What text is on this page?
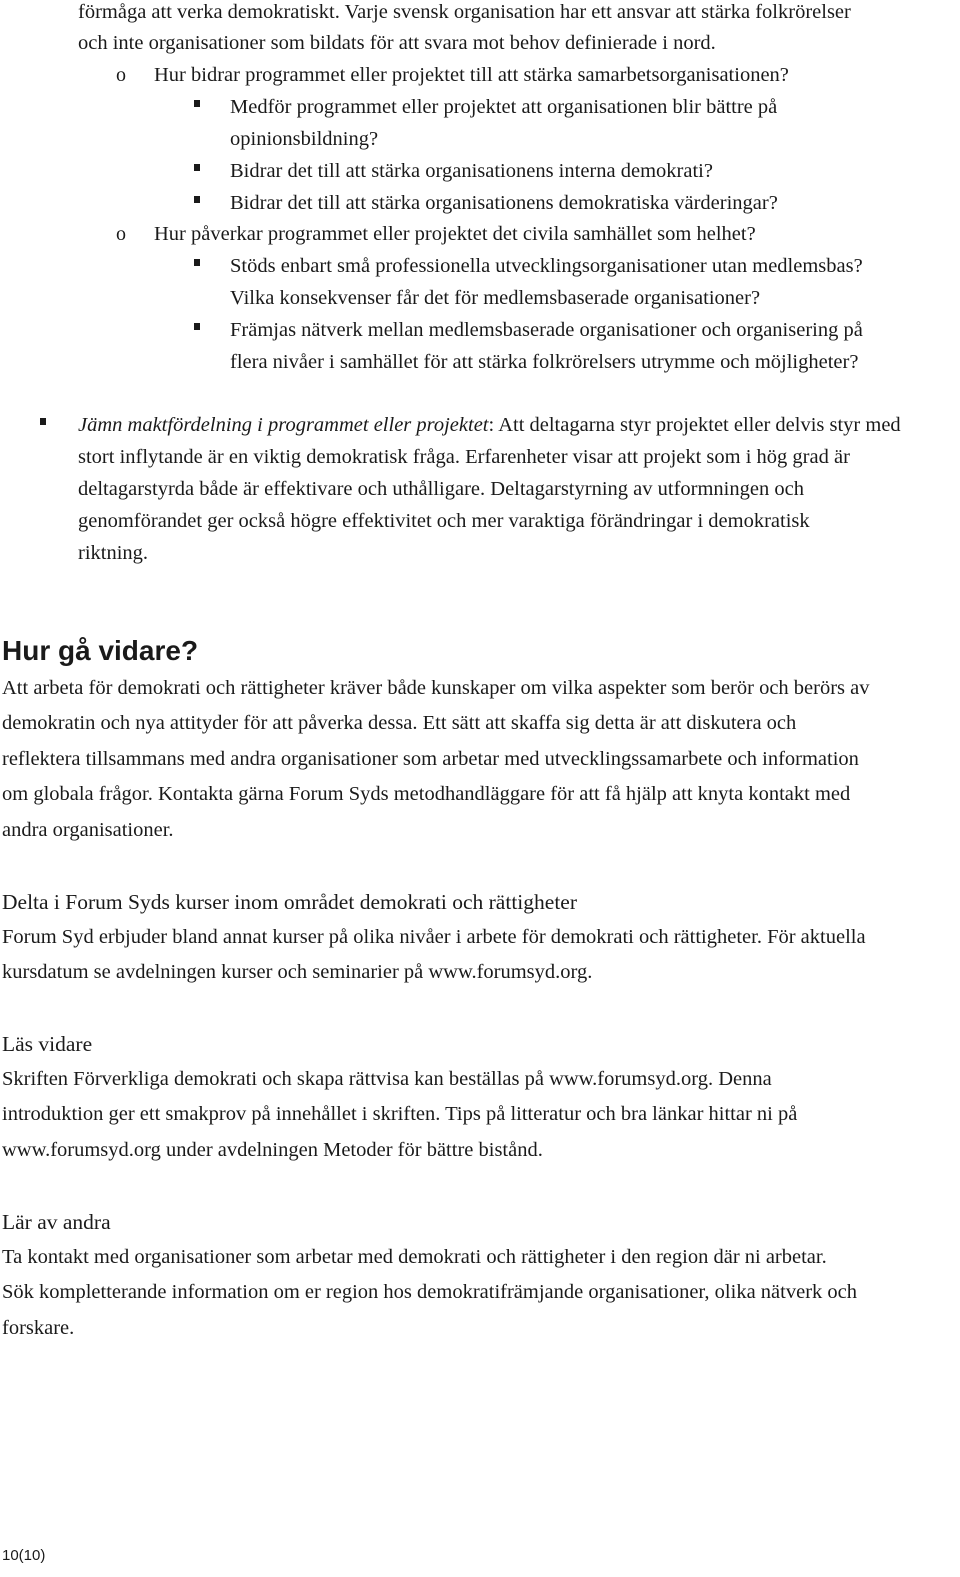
förmåga att verka demokratiskt. Varje svensk organisation har ett ansvar att stärka folkrörelser
och inte organisationer som bildats för att svara mot behov definierade i nord.
o Hur bidrar programmet eller projektet till att stärka samarbetsorganisationen?
Medför programmet eller projektet att organisationen blir bättre på
opinionsbildning?
Bidrar det till att stärka organisationens interna demokrati?
Bidrar det till att stärka organisationens demokratiska värderingar?
o Hur påverkar programmet eller projektet det civila samhället som helhet?
Stöds enbart små professionella utvecklingsorganisationer utan medlemsbas?
Vilka konsekvenser får det för medlemsbaserade organisationer?
Främjas nätverk mellan medlemsbaserade organisationer och organisering på
flera nivåer i samhället för att stärka folkrörelsers utrymme och möjligheter?
Jämn maktfördelning i programmet eller projektet: Att deltagarna styr projektet eller delvis styr med
stort inflytande är en viktig demokratisk fråga. Erfarenheter visar att projekt som i hög grad är
deltagarstyrda både är effektivare och uthålligare. Deltagarstyrning av utformningen och
genomförandet ger också högre effektivitet och mer varaktiga förändringar i demokratisk
riktning.
Hur gå vidare?
Att arbeta för demokrati och rättigheter kräver både kunskaper om vilka aspekter som berör och berörs av
demokratin och nya attityder för att påverka dessa. Ett sätt att skaffa sig detta är att diskutera och
reflektera tillsammans med andra organisationer som arbetar med utvecklingssamarbete och information
om globala frågor. Kontakta gärna Forum Syds metodhandläggare för att få hjälp att knyta kontakt med
andra organisationer.
Delta i Forum Syds kurser inom området demokrati och rättigheter
Forum Syd erbjuder bland annat kurser på olika nivåer i arbete för demokrati och rättigheter. För aktuella
kursdatum se avdelningen kurser och seminarier på www.forumsyd.org.
Läs vidare
Skriften Förverkliga demokrati och skapa rättvisa kan beställas på www.forumsyd.org. Denna
introduktion ger ett smakprov på innehållet i skriften. Tips på litteratur och bra länkar hittar ni på
www.forumsyd.org under avdelningen Metoder för bättre bistånd.
Lär av andra
Ta kontakt med organisationer som arbetar med demokrati och rättigheter i den region där ni arbetar.
Sök kompletterande information om er region hos demokratifrämjande organisationer, olika nätverk och
forskare.
10(10)
